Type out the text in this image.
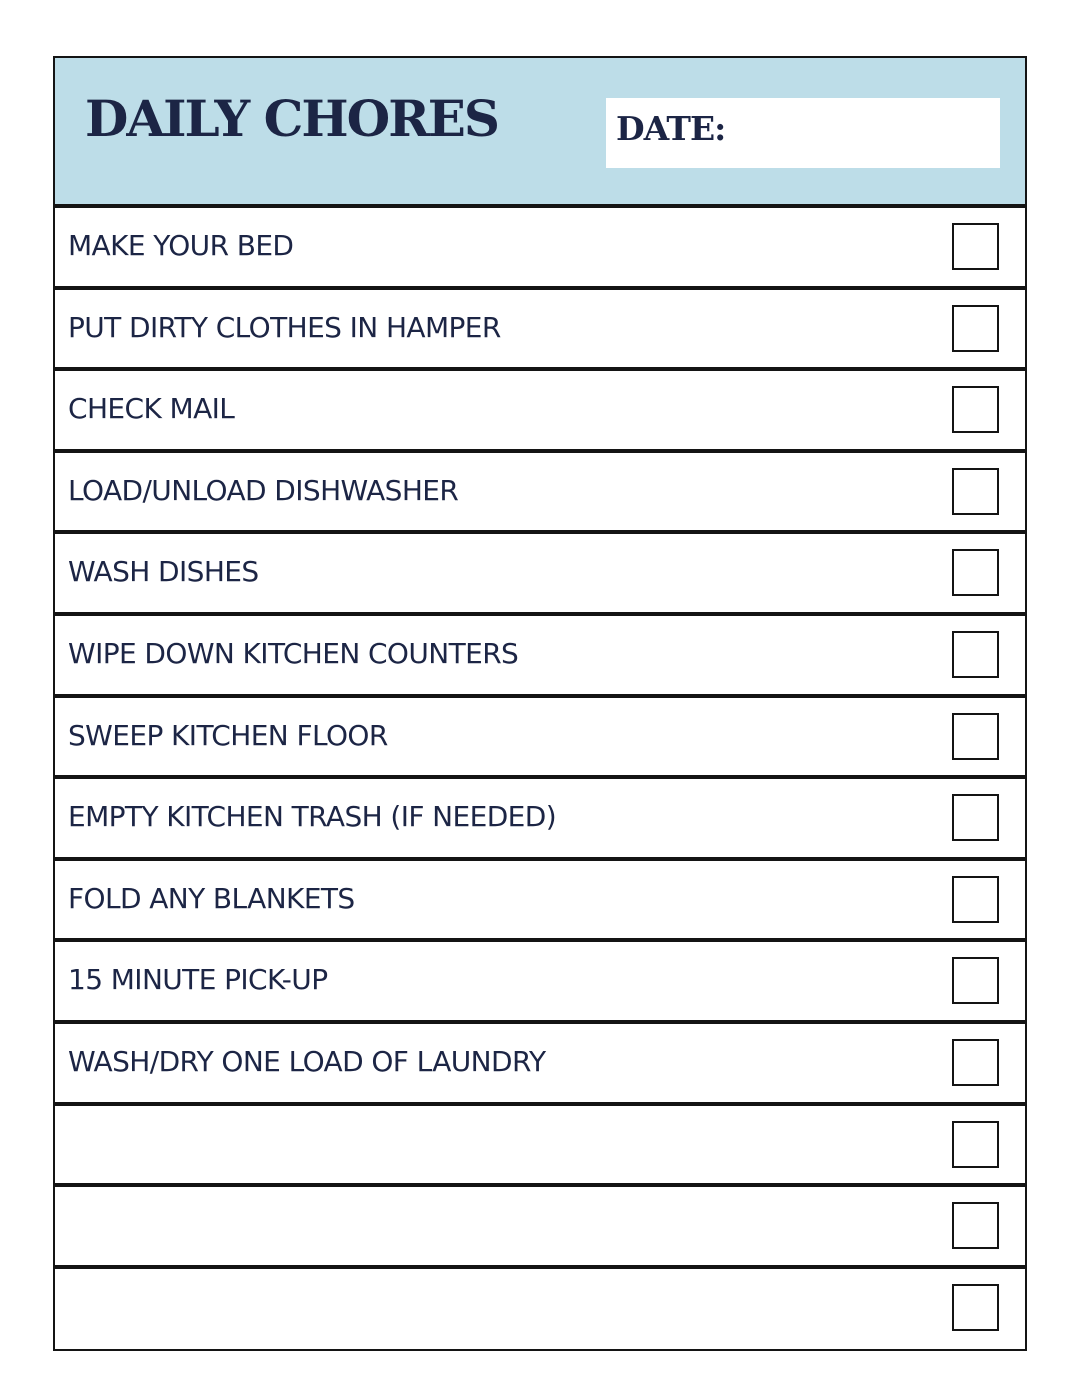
DAILY CHORES	DATE:
MAKE YOUR BED
PUT DIRTY CLOTHES IN HAMPER
CHECK MAIL
LOAD/UNLOAD DISHWASHER
WASH DISHES
WIPE DOWN KITCHEN COUNTERS
SWEEP KITCHEN FLOOR
EMPTY KITCHEN TRASH (IF NEEDED)
FOLD ANY BLANKETS
15 MINUTE PICK-UP
WASH/DRY ONE LOAD OF LAUNDRY
